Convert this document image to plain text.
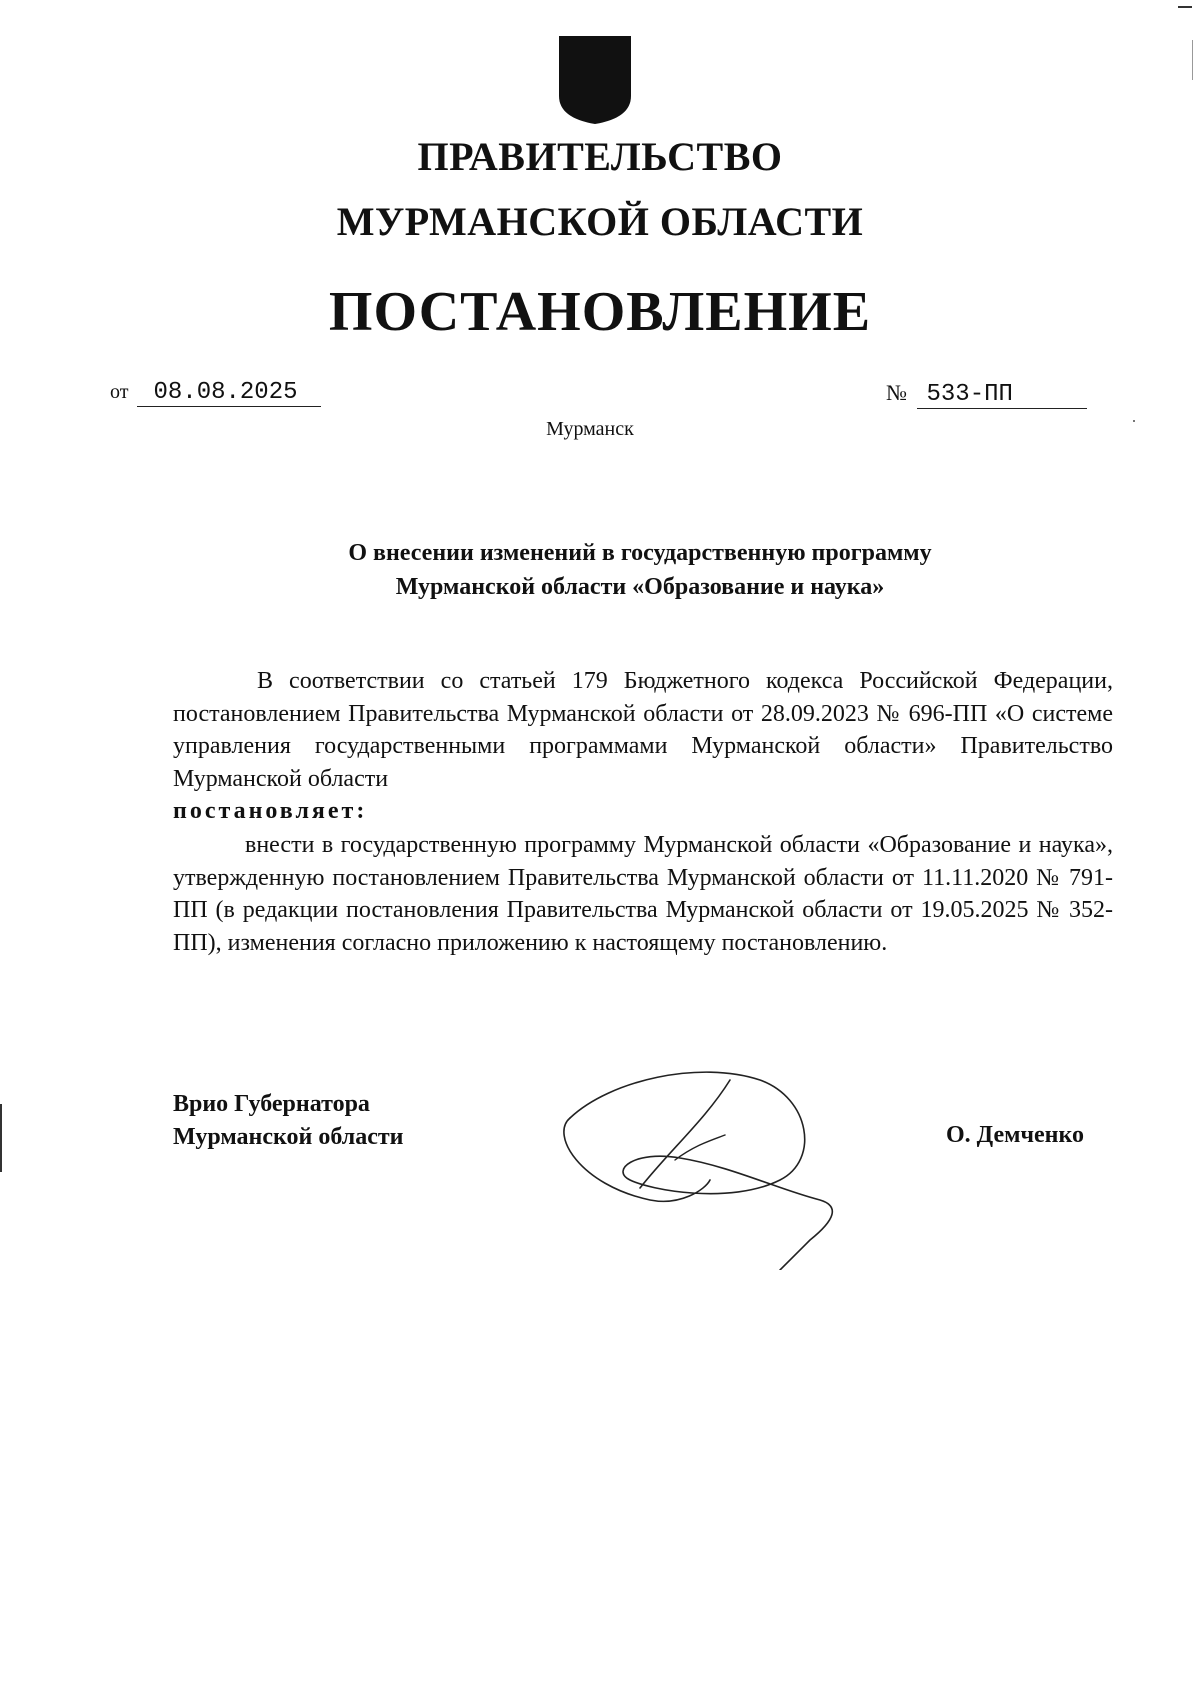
ПРАВИТЕЛЬСТВО
МУРМАНСКОЙ ОБЛАСТИ
ПОСТАНОВЛЕНИЕ
от 08.08.2025	№ 533-ПП
Мурманск
О внесении изменений в государственную программу
Мурманской области «Образование и наука»
В соответствии со статьей 179 Бюджетного кодекса Российской Федерации, постановлением Правительства Мурманской области от 28.09.2023 № 696-ПП «О системе управления государственными программами Мурманской области» Правительство Мурманской области
постановляет:
внести в государственную программу Мурманской области «Образование и наука», утвержденную постановлением Правительства Мурманской области от 11.11.2020 № 791-ПП (в редакции постановления Правительства Мурманской области от 19.05.2025 № 352-ПП), изменения согласно приложению к настоящему постановлению.
Врио Губернатора
Мурманской области	О. Демченко
